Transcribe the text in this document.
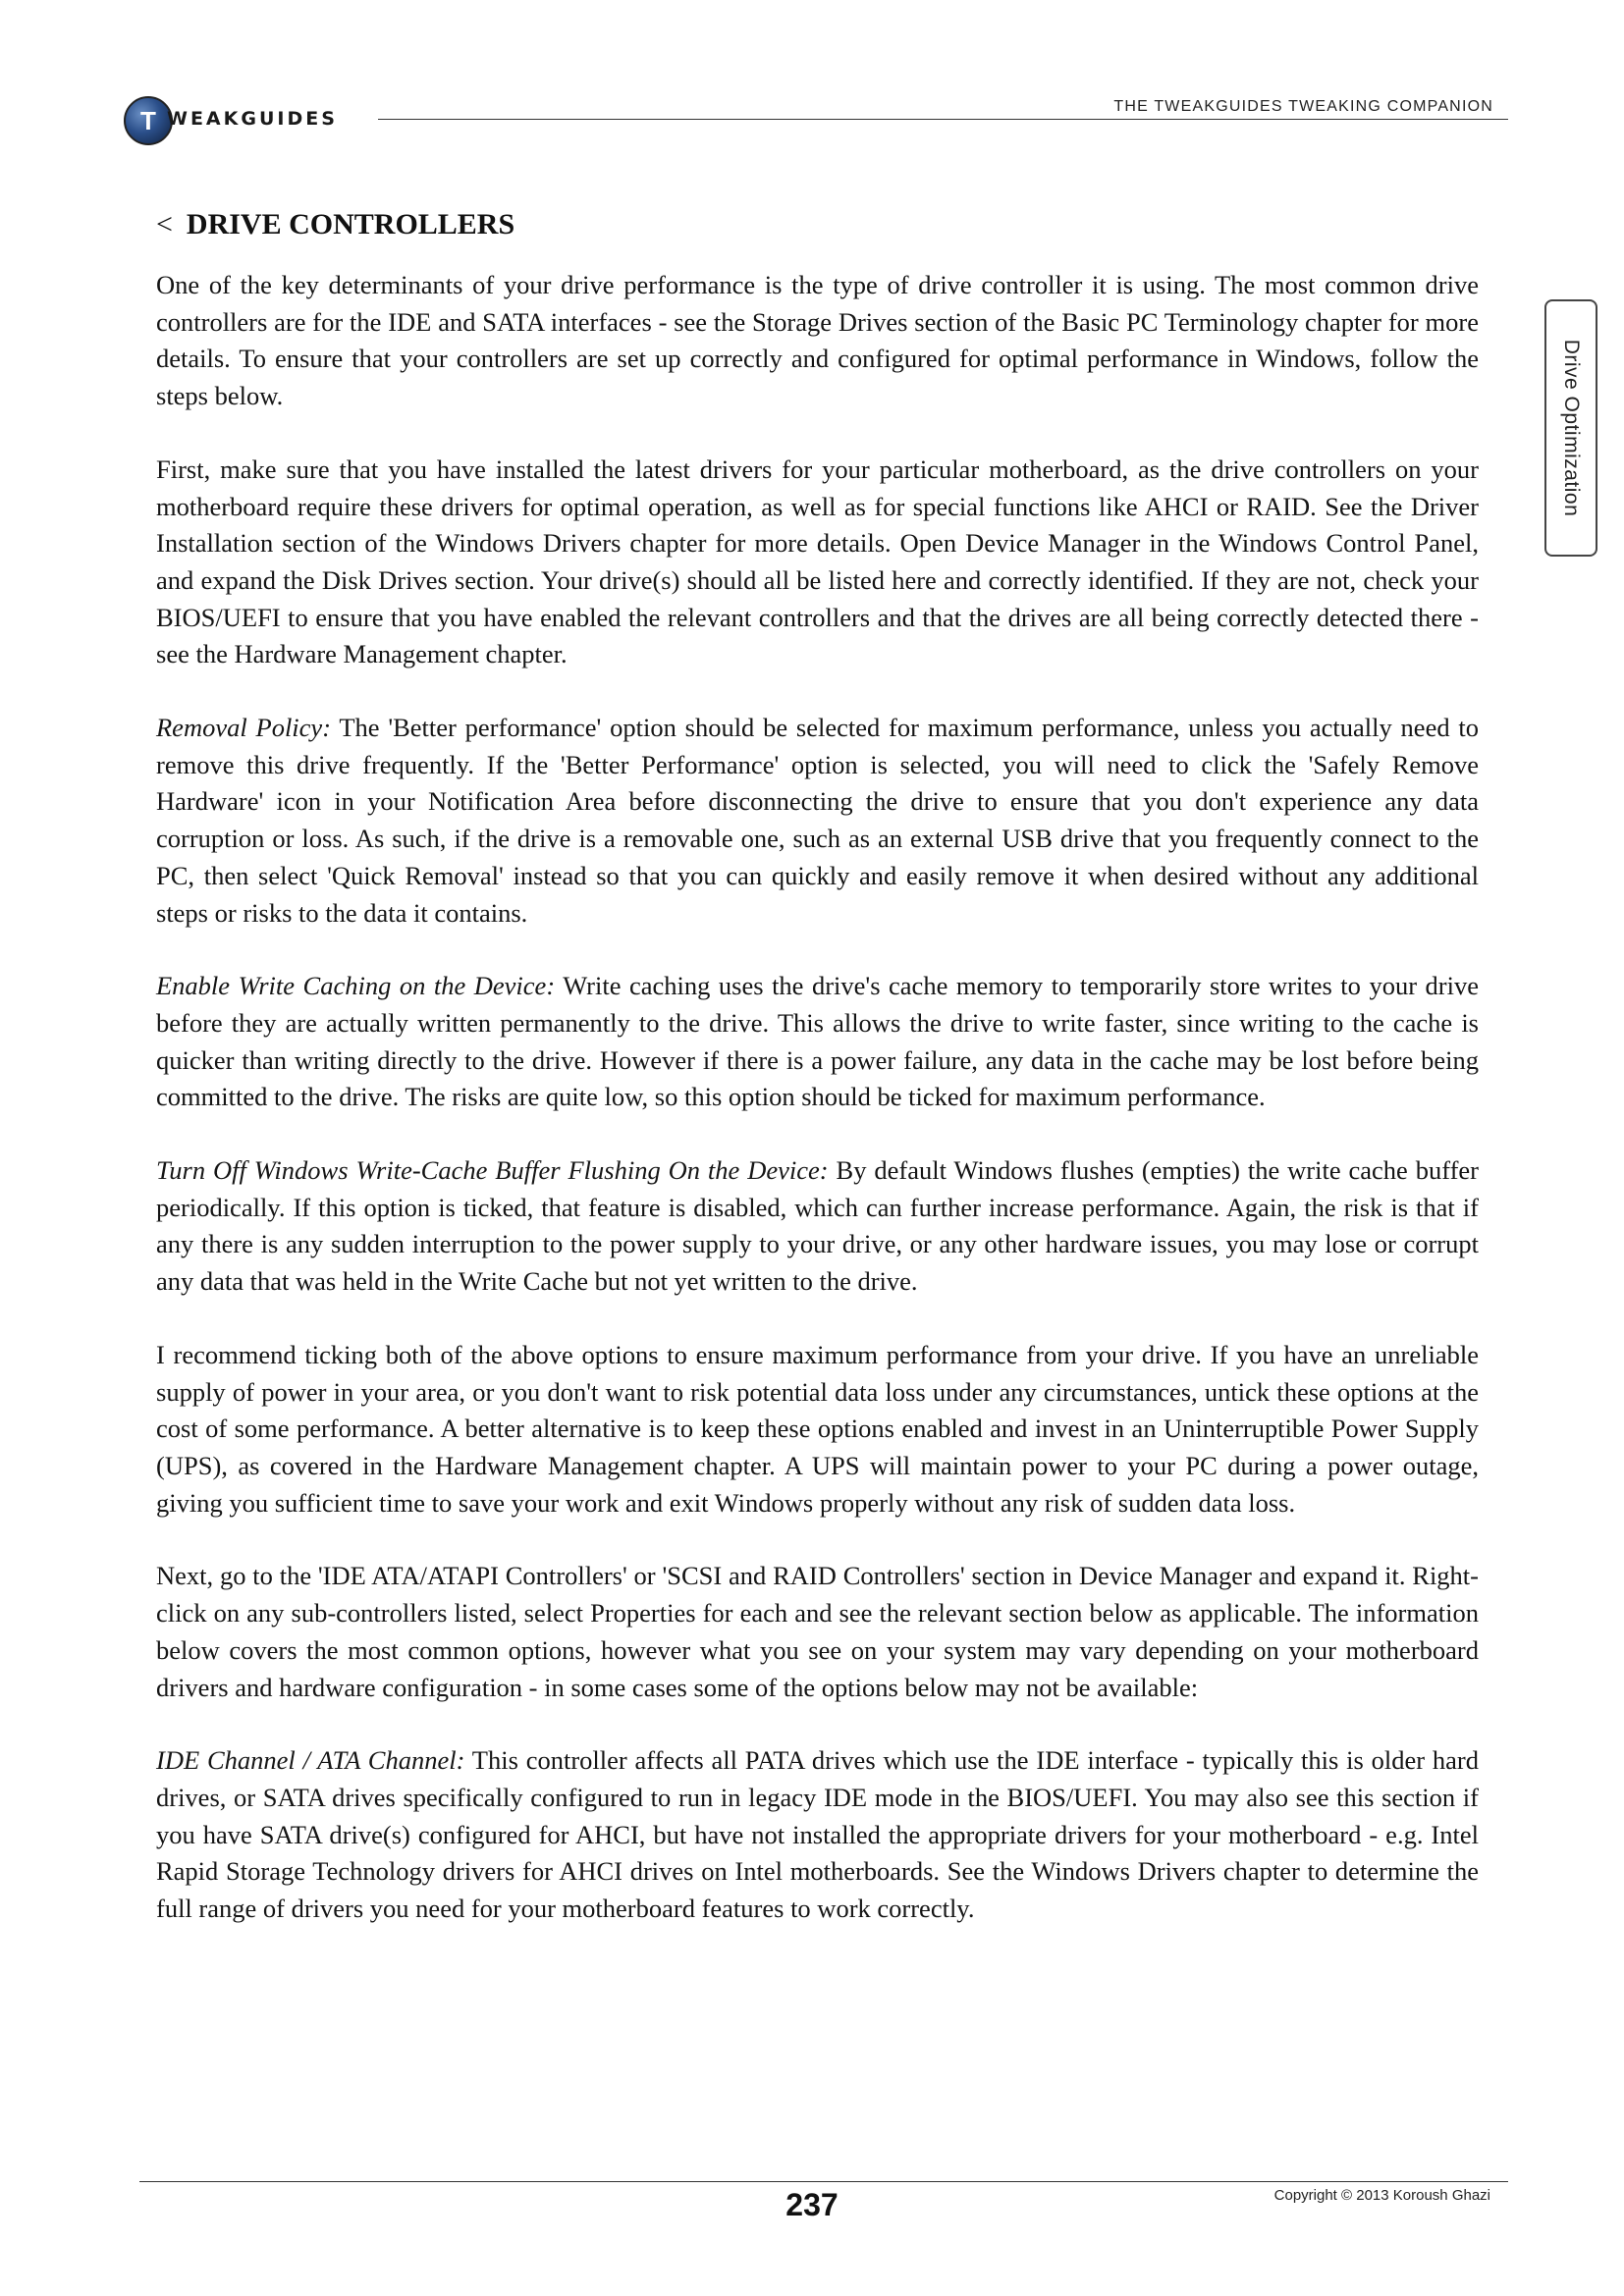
T WEAKGUIDES
THE TWEAKGUIDES TWEAKING COMPANION
Drive Optimization
< DRIVE CONTROLLERS

One of the key determinants of your drive performance is the type of drive controller it is using. The most common drive controllers are for the IDE and SATA interfaces - see the Storage Drives section of the Basic PC Terminology chapter for more details. To ensure that your controllers are set up correctly and configured for optimal performance in Windows, follow the steps below.

First, make sure that you have installed the latest drivers for your particular motherboard, as the drive controllers on your motherboard require these drivers for optimal operation, as well as for special functions like AHCI or RAID. See the Driver Installation section of the Windows Drivers chapter for more details. Open Device Manager in the Windows Control Panel, and expand the Disk Drives section. Your drive(s) should all be listed here and correctly identified. If they are not, check your BIOS/UEFI to ensure that you have enabled the relevant controllers and that the drives are all being correctly detected there - see the Hardware Management chapter.

Removal Policy: The 'Better performance' option should be selected for maximum performance, unless you actually need to remove this drive frequently. If the 'Better Performance' option is selected, you will need to click the 'Safely Remove Hardware' icon in your Notification Area before disconnecting the drive to ensure that you don't experience any data corruption or loss. As such, if the drive is a removable one, such as an external USB drive that you frequently connect to the PC, then select 'Quick Removal' instead so that you can quickly and easily remove it when desired without any additional steps or risks to the data it contains.

Enable Write Caching on the Device: Write caching uses the drive's cache memory to temporarily store writes to your drive before they are actually written permanently to the drive. This allows the drive to write faster, since writing to the cache is quicker than writing directly to the drive. However if there is a power failure, any data in the cache may be lost before being committed to the drive. The risks are quite low, so this option should be ticked for maximum performance.

Turn Off Windows Write-Cache Buffer Flushing On the Device: By default Windows flushes (empties) the write cache buffer periodically. If this option is ticked, that feature is disabled, which can further increase performance. Again, the risk is that if any there is any sudden interruption to the power supply to your drive, or any other hardware issues, you may lose or corrupt any data that was held in the Write Cache but not yet written to the drive.

I recommend ticking both of the above options to ensure maximum performance from your drive. If you have an unreliable supply of power in your area, or you don't want to risk potential data loss under any circumstances, untick these options at the cost of some performance. A better alternative is to keep these options enabled and invest in an Uninterruptible Power Supply (UPS), as covered in the Hardware Management chapter. A UPS will maintain power to your PC during a power outage, giving you sufficient time to save your work and exit Windows properly without any risk of sudden data loss.

Next, go to the 'IDE ATA/ATAPI Controllers' or 'SCSI and RAID Controllers' section in Device Manager and expand it. Right-click on any sub-controllers listed, select Properties for each and see the relevant section below as applicable. The information below covers the most common options, however what you see on your system may vary depending on your motherboard drivers and hardware configuration - in some cases some of the options below may not be available:

IDE Channel / ATA Channel: This controller affects all PATA drives which use the IDE interface - typically this is older hard drives, or SATA drives specifically configured to run in legacy IDE mode in the BIOS/UEFI. You may also see this section if you have SATA drive(s) configured for AHCI, but have not installed the appropriate drivers for your motherboard - e.g. Intel Rapid Storage Technology drivers for AHCI drives on Intel motherboards. See the Windows Drivers chapter to determine the full range of drivers you need for your motherboard features to work correctly.

237	Copyright © 2013 Koroush Ghazi
